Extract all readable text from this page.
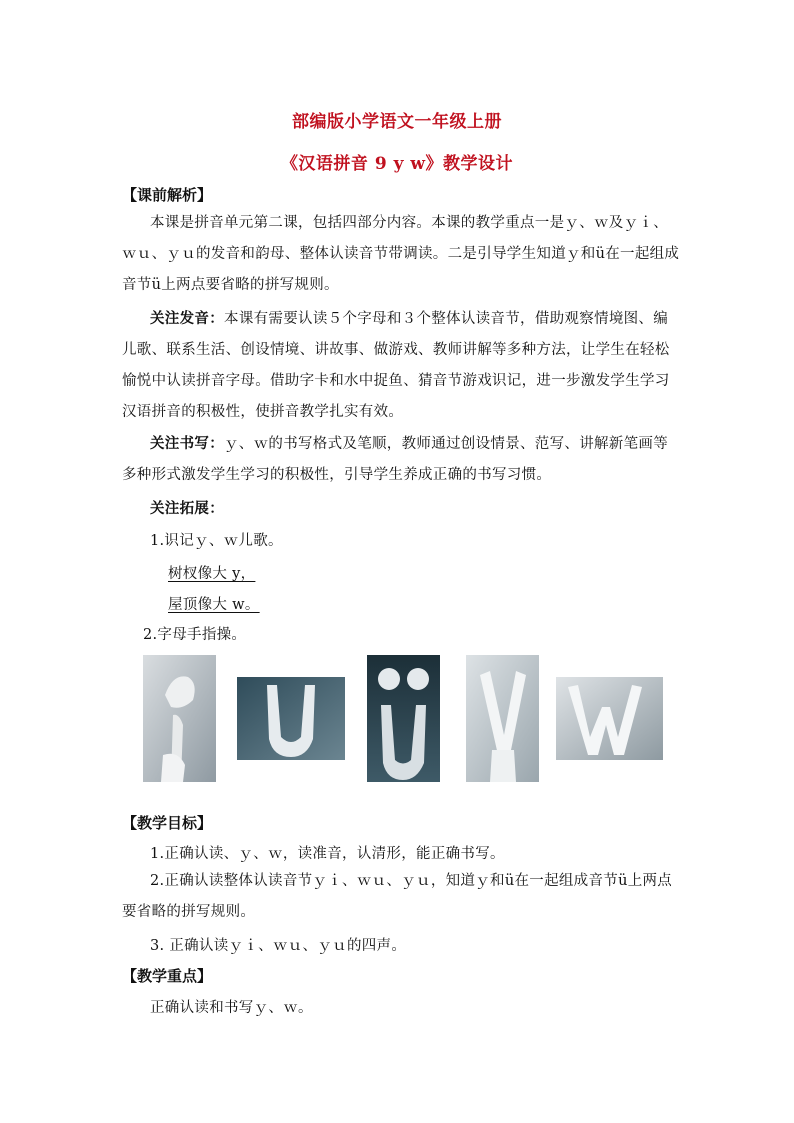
部编版小学语文一年级上册
《汉语拼音 9 y w》教学设计
【课前解析】
本课是拼音单元第二课，包括四部分内容。本课的教学重点一是ｙ、ｗ及ｙｉ、ｗｕ、ｙｕ的发音和韵母、整体认读音节带调读。二是引导学生知道ｙ和ü在一起组成音节ü上两点要省略的拼写规则。
关注发音：本课有需要认读５个字母和３个整体认读音节，借助观察情境图、编儿歌、联系生活、创设情境、讲故事、做游戏、教师讲解等多种方法，让学生在轻松愉悦中认读拼音字母。借助字卡和水中捉鱼、猜音节游戏识记，进一步激发学生学习汉语拼音的积极性，使拼音教学扎实有效。
关注书写：ｙ、ｗ的书写格式及笔顺，教师通过创设情景、范写、讲解新笔画等多种形式激发学生学习的积极性，引导学生养成正确的书写习惯。
关注拓展：
1.识记ｙ、ｗ儿歌。
树杈像大 y，
屋顶像大 w。
2.字母手指操。
【教学目标】
1.正确认读、ｙ、ｗ，读准音，认清形，能正确书写。
2.正确认读整体认读音节ｙｉ、ｗｕ、ｙｕ，知道ｙ和ü在一起组成音节ü上两点要省略的拼写规则。
3. 正确认读ｙｉ、ｗｕ、ｙｕ的四声。
【教学重点】
正确认读和书写ｙ、ｗ。
